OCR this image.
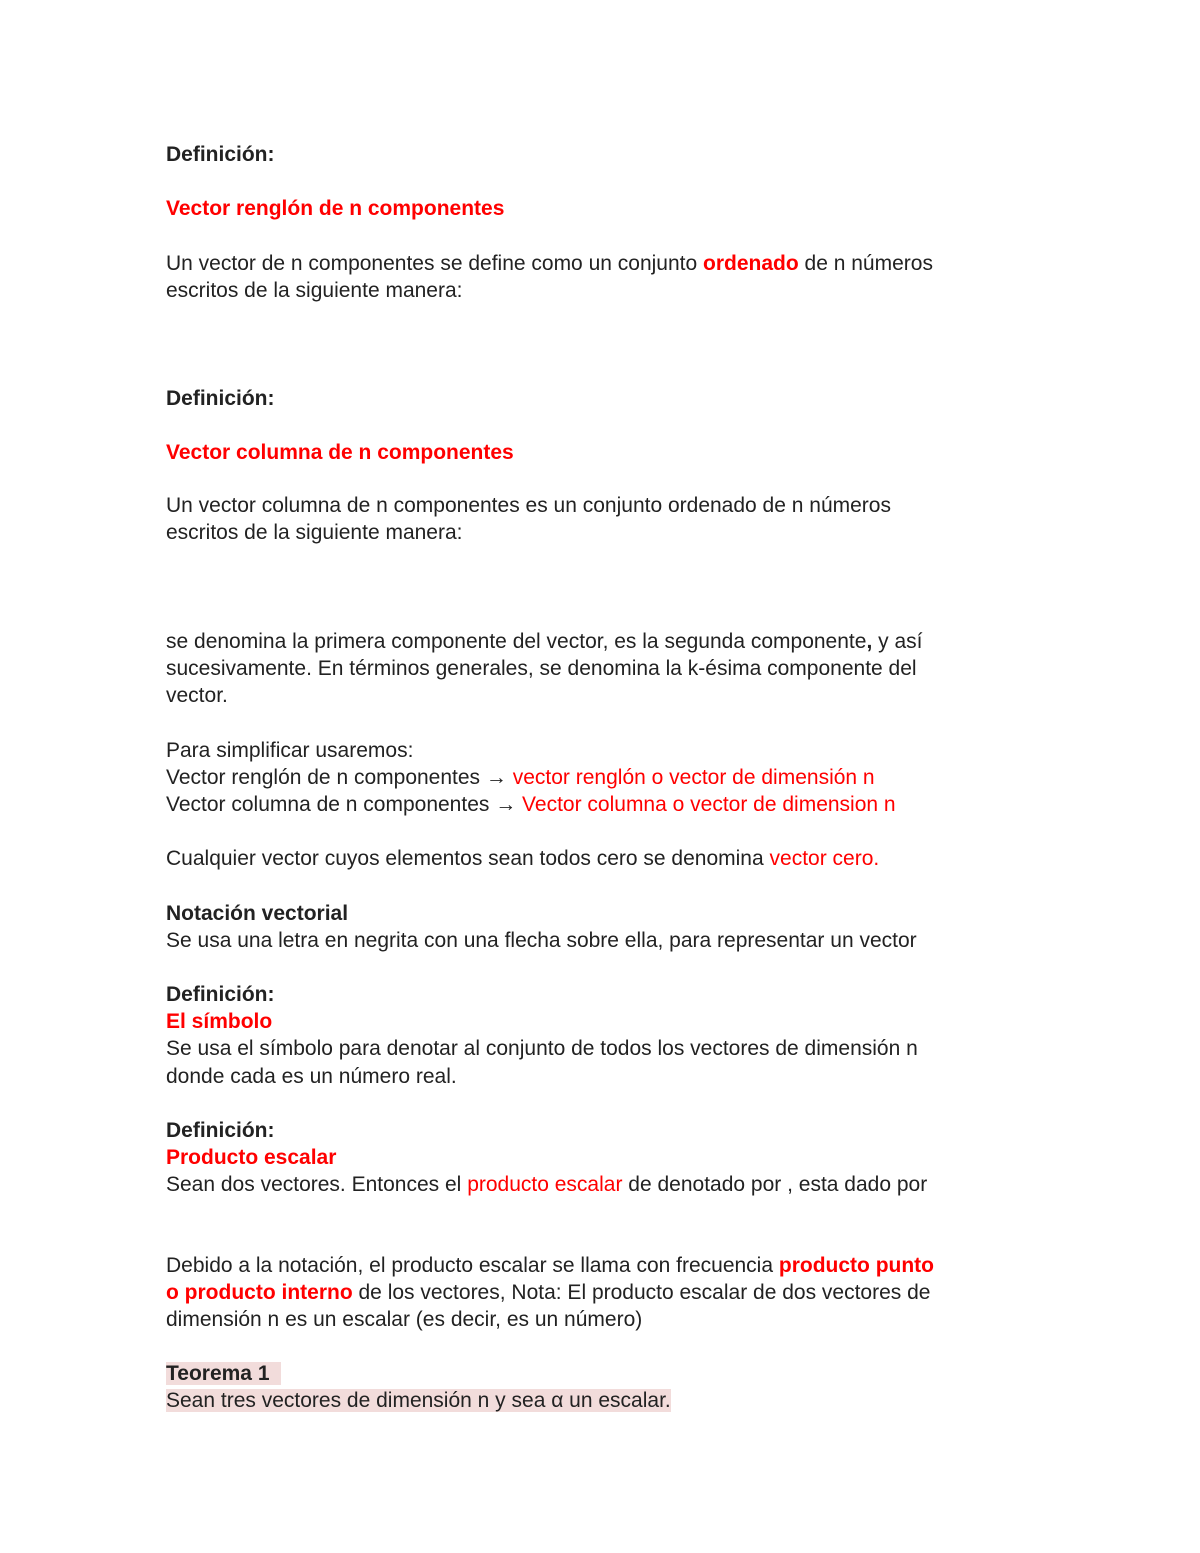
Definición:

Vector renglón de n componentes

Un vector de n componentes se define como un conjunto ordenado de n números

escritos de la siguiente manera:

Definición:

Vector columna de n componentes

Un vector columna de n componentes es un conjunto ordenado de n números

escritos de la siguiente manera:

se denomina la primera componente del vector, es la segunda componente, y así

sucesivamente. En términos generales, se denomina la k-ésima componente del

vector.

Para simplificar usaremos:

Vector renglón de n componentes → vector renglón o vector de dimensión n

Vector columna de n componentes → Vector columna o vector de dimension n

Cualquier vector cuyos elementos sean todos cero se denomina vector cero.

Notación vectorial

Se usa una letra en negrita con una flecha sobre ella, para representar un vector

Definición:

El símbolo

Se usa el símbolo para denotar al conjunto de todos los vectores de dimensión n

donde cada es un número real.

Definición:

Producto escalar

Sean dos vectores. Entonces el producto escalar de denotado por , esta dado por

Debido a la notación, el producto escalar se llama con frecuencia producto punto

o producto interno de los vectores, Nota: El producto escalar de dos vectores de

dimensión n es un escalar (es decir, es un número)

Teorema 1

Sean tres vectores de dimensión n y sea α un escalar.
